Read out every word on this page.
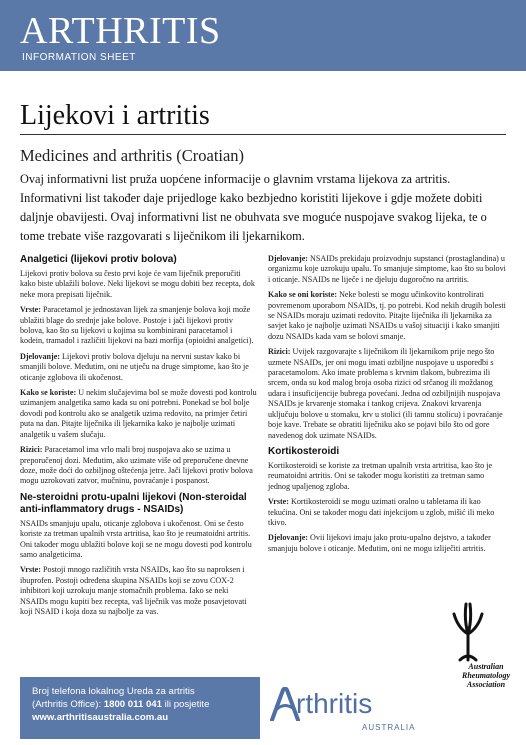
ARTHRITIS
INFORMATION SHEET
Lijekovi i artritis
Medicines and arthritis (Croatian)
Ovaj informativni list pruža uopćene informacije o glavnim vrstama lijekova za artritis. Informativni list također daje prijedloge kako bezbjedno koristiti lijekove i gdje možete dobiti daljnje obavijesti. Ovaj informativni list ne obuhvata sve moguće nuspojave svakog lijeka, te o tome trebate više razgovarati s liječnikom ili ljekarnikom.
Analgetici (lijekovi protiv bolova)

Lijekovi protiv bolova su često prvi koje će vam liječnik preporučiti kako biste ublažili bolove. Neki lijekovi se mogu dobiti bez recepta, dok neke mora prepisati liječnik.

Vrste: Paracetamol je jednostavan lijek za smanjenje bolova koji može ublažiti blage do srednje jake bolove. Postoje i jači lijekovi protiv bolova, kao što su lijekovi u kojima su kombinirani paracetamol i kodein, tramadol i različiti lijekovi na bazi morfija (opioidni analgetici).

Djelovanje: Lijekovi protiv bolova djeluju na nervni sustav kako bi smanjili bolove. Međutim, oni ne utječu na druge simptome, kao što je oticanje zglobova ili ukočenost.

Kako se koriste: U nekim slučajevima bol se može dovesti pod kontrolu uzimanjem analgetika samo kada su oni potrebni. Ponekad se bol bolje dovodi pod kontrolu ako se analgetik uzima redovito, na primjer četiri puta na dan. Pitajte liječnika ili ljekarnika kako je najbolje uzimati analgetik u vašem slučaju.

Rizici: Paracetamol ima vrlo mali broj nuspojava ako se uzima u preporučenoj dozi. Međutim, ako uzimate više od preporučene dnevne doze, može doći do ozbiljnog oštećenja jetre. Jači lijekovi protiv bolova mogu uzrokovati zatvor, mučninu, povraćanje i pospanost.

Ne-steroidni protu-upalni lijekovi (Non-steroidal anti-inflammatory drugs - NSAIDs)

NSAIDs smanjuju upalu, oticanje zglobova i ukočenost. Oni se često koriste za tretman upalnih vrsta artritisa, kao što je reumatoidni artritis. Oni također mogu ublažiti bolove koji se ne mogu dovesti pod kontrolu samo analgeticima.

Vrste: Postoji mnogo različitih vrsta NSAIDs, kao što su naproksen i ibuprofen. Postoji određena skupina NSAIDs koji se zovu COX-2 inhibitori koji uzrokuju manje stomačnih problema. Iako se neki NSAIDs mogu kupiti bez recepta, vaš liječnik vas može posavjetovati koji NSAID i koja doza su najbolje za vas.

Djelovanje: NSAIDs prekidaju proizvodnju supstanci (prostaglandina) u organizmu koje uzrokuju upalu. To smanjuje simptome, kao što su bolovi i oticanje. NSAIDs ne liječe i ne djeluju dugoročno na artritis.

Kako se oni koriste: Neke bolesti se mogu učinkovito kontrolirati povremenom uporabom NSAIDs, tj. po potrebi. Kod nekih drugih bolesti se NSAIDs moraju uzimati redovito. Pitajte liječnika ili ljekarnika za savjet kako je najbolje uzimati NSAIDs u vašoj situaciji i kako smanjiti dozu NSAIDs kada vam se bolovi smanje.

Rizici: Uvijek razgovarajte s liječnikom ili ljekarnikom prije nego što uzmete NSAIDs, jer oni mogu imati ozbiljne nuspojave u usporedbi s paracetamolom. Ako imate problema s krvnim tlakom, bubrezima ili srcem, onda su kod malog broja osoba rizici od srčanog ili moždanog udara i insuficijencije bubrega povećani. Jedna od ozbiljnijih nuspojava NSAIDs je krvarenje stomaka i tankog crijeva. Znakovi krvarenja uključuju bolove u stomaku, krv u stolici (ili tamnu stolicu) i povraćanje boje kave. Trebate se obratiti liječniku ako se pojavi bilo što od gore navedenog dok uzimate NSAIDs.

Kortikosteroidi

Kortikosteroidi se koriste za tretman upalnih vrsta artritisa, kao što je reumatoidni artritis. Oni se također mogu koristiti za tretman samo jednog upaljenog zgloba.

Vrste: Kortikosteroidi se mogu uzimati oralno u tabletama ili kao tekućina. Oni se također mogu dati injekcijom u zglob, mišić ili meko tkivo.

Djelovanje: Ovii lijekovi imaju jako protu-upalno dejstvo, a također smanjuju bolove i oticanje. Međutim, oni ne mogu izliječiti artritis.

Broj telefona lokalnog Ureda za artritis
(Arthritis Office): 1800 011 041 ili posjetite
www.arthritisaustralia.com.au	rthritis
AUSTRALIA
Australian
Rheumatology
Association
